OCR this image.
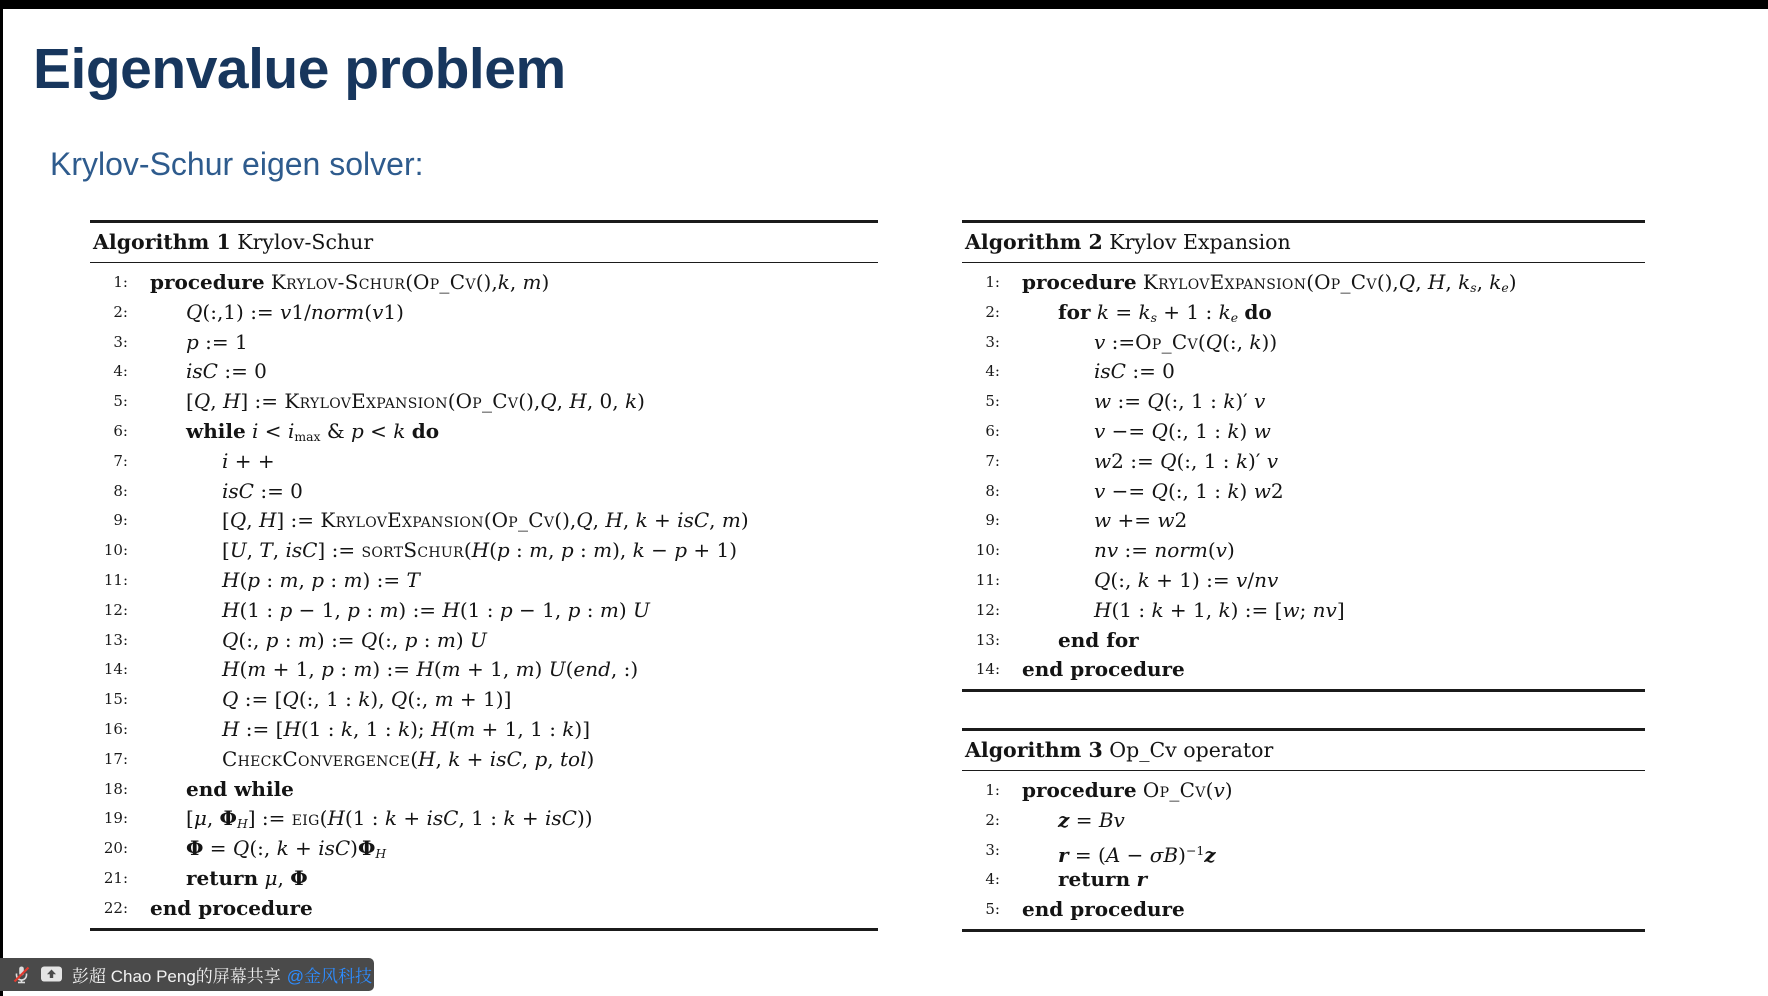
Eigenvalue problem
Krylov-Schur eigen solver:
Algorithm 1 Krylov-Schur
1:	procedure Krylov-Schur(Op_Cv(),k, m)
2:	Q(:,1) := v1/norm(v1)
3:	p := 1
4:	isC := 0
5:	[Q, H] := KrylovExpansion(Op_Cv(),Q, H, 0, k)
6:	while $i < i_{max}$ & p < k do
7:	i + +
8:	isC := 0
9:	[Q, H] := KrylovExpansion(Op_Cv(),Q, H, k + isC, m)
10:	[U, T, isC] := sortSchur(H(p : m, p : m), k − p + 1)
11:	H(p : m, p : m) := T
12:	H(1 : p − 1, p : m) := H(1 : p − 1, p : m) U
13:	Q(:, p : m) := Q(:, p : m) U
14:	H(m + 1, p : m) := H(m + 1, m) U(end, :)
15:	Q := [Q(:, 1 : k), Q(:, m + 1)]
16:	H := [H(1 : k, 1 : k); H(m + 1, 1 : k)]
17:	CheckConvergence(H, k + isC, p, tol)
18:	end while
19:	[μ, $\Phi_H$] := eig(H(1 : k + isC, 1 : k + isC))
20:	Φ = Q(:, $k + isC)\Phi_H$
21:	return μ, Φ
22:	end procedure
Algorithm 2 Krylov Expansion
1:	procedure KrylovExpansion(Op_Cv(),Q, H, $k_s$, $k_e$)
2:	for $k = k_s + 1$ : $k_e$ do
3:	v :=Op_Cv(Q(:, k))
4:	isC := 0
5:	w := Q(:, 1 : k)′ v
6:	v −= Q(:, 1 : k) w
7:	w2 := Q(:, 1 : k)′ v
8:	v −= Q(:, 1 : k) w2
9:	w += w2
10:	nv := norm(v)
11:	Q(:, k + 1) := v/nv
12:	H(1 : k + 1, k) := [w; nv]
13:	end for
14:	end procedure
Algorithm 3 Op_Cv operator
1:	procedure Op_Cv(v)
2:	z = Bv
3:	$r = (A - \sigma B)^{-1}z$
4:	return r
5:	end procedure
彭超 Chao Peng的屏幕共享 @金风科技
